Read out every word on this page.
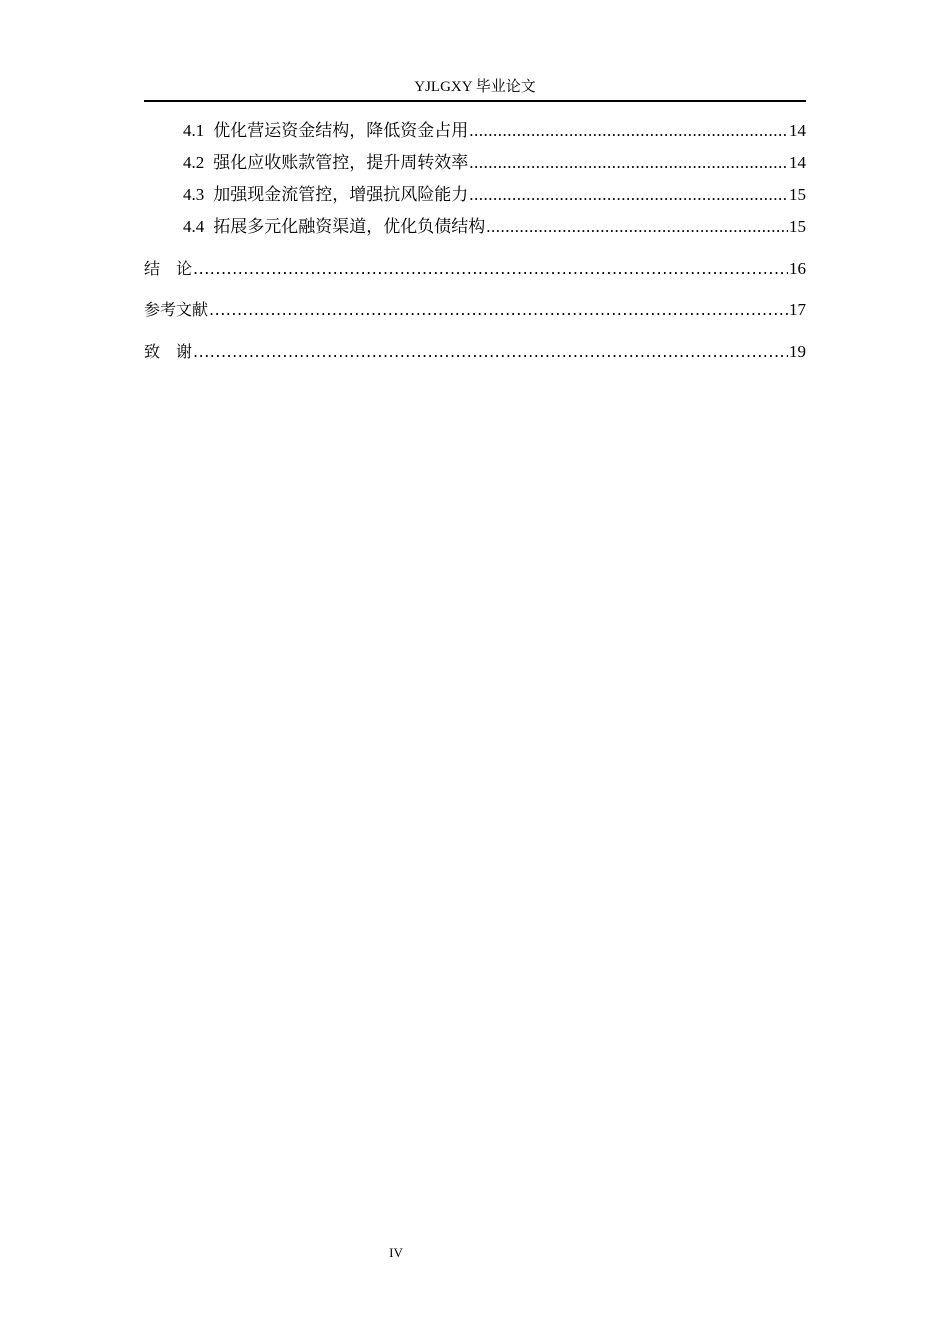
YJLGXY 毕业论文
4.1 优化营运资金结构，降低资金占用 .....	14
4.2 强化应收账款管控，提升周转效率 .....	14
4.3 加强现金流管控，增强抗风险能力 .....	15
4.4 拓展多元化融资渠道，优化负债结构 .....	15
结　论 .....	16
参考文献 .....	17
致　谢 .....	19
IV
